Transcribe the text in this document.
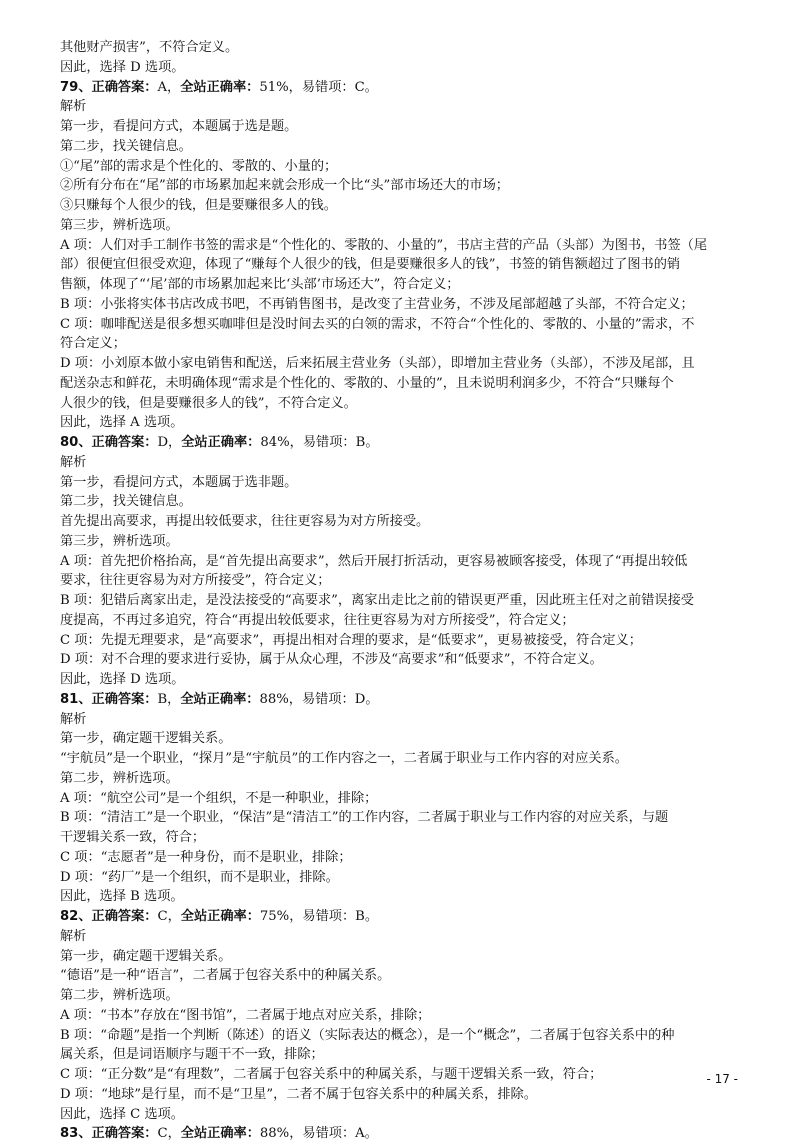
其他财产损害”，不符合定义。
因此，选择 D 选项。
79、正确答案：A，全站正确率：51%，易错项：C。
解析
第一步，看提问方式，本题属于选是题。
第二步，找关键信息。
①“尾”部的需求是个性化的、零散的、小量的；
②所有分布在“尾”部的市场累加起来就会形成一个比“头”部市场还大的市场；
③只赚每个人很少的钱，但是要赚很多人的钱。
第三步，辨析选项。
A 项：人们对手工制作书签的需求是“个性化的、零散的、小量的”，书店主营的产品（头部）为图书，书签（尾
部）很便宜但很受欢迎，体现了“赚每个人很少的钱，但是要赚很多人的钱”，书签的销售额超过了图书的销
售额，体现了“‘尾’部的市场累加起来比‘头部’市场还大”，符合定义；
B 项：小张将实体书店改成书吧，不再销售图书，是改变了主营业务，不涉及尾部超越了头部，不符合定义；
C 项：咖啡配送是很多想买咖啡但是没时间去买的白领的需求，不符合“个性化的、零散的、小量的”需求，不
符合定义；
D 项：小刘原本做小家电销售和配送，后来拓展主营业务（头部），即增加主营业务（头部），不涉及尾部，且
配送杂志和鲜花，未明确体现“需求是个性化的、零散的、小量的”，且未说明利润多少，不符合“只赚每个
人很少的钱，但是要赚很多人的钱”，不符合定义。
因此，选择 A 选项。
80、正确答案：D，全站正确率：84%，易错项：B。
解析
第一步，看提问方式，本题属于选非题。
第二步，找关键信息。
首先提出高要求，再提出较低要求，往往更容易为对方所接受。
第三步，辨析选项。
A 项：首先把价格抬高，是“首先提出高要求”，然后开展打折活动，更容易被顾客接受，体现了“再提出较低
要求，往往更容易为对方所接受”，符合定义；
B 项：犯错后离家出走，是没法接受的“高要求”，离家出走比之前的错误更严重，因此班主任对之前错误接受
度提高，不再过多追究，符合“再提出较低要求，往往更容易为对方所接受”，符合定义；
C 项：先提无理要求，是“高要求”，再提出相对合理的要求，是“低要求”，更易被接受，符合定义；
D 项：对不合理的要求进行妥协，属于从众心理，不涉及“高要求”和“低要求”，不符合定义。
因此，选择 D 选项。
81、正确答案：B，全站正确率：88%，易错项：D。
解析
第一步，确定题干逻辑关系。
“宇航员”是一个职业，“探月”是“宇航员”的工作内容之一，二者属于职业与工作内容的对应关系。
第二步，辨析选项。
A 项：“航空公司”是一个组织，不是一种职业，排除；
B 项：“清洁工”是一个职业，“保洁”是“清洁工”的工作内容，二者属于职业与工作内容的对应关系，与题
干逻辑关系一致，符合；
C 项：“志愿者”是一种身份，而不是职业，排除；
D 项：“药厂”是一个组织，而不是职业，排除。
因此，选择 B 选项。
82、正确答案：C，全站正确率：75%，易错项：B。
解析
第一步，确定题干逻辑关系。
“德语”是一种“语言”，二者属于包容关系中的种属关系。
第二步，辨析选项。
A 项：“书本”存放在“图书馆”，二者属于地点对应关系，排除；
B 项：“命题”是指一个判断（陈述）的语义（实际表达的概念），是一个“概念”，二者属于包容关系中的种
属关系，但是词语顺序与题干不一致，排除；
C 项：“正分数”是“有理数”，二者属于包容关系中的种属关系，与题干逻辑关系一致，符合；
D 项：“地球”是行星，而不是“卫星”，二者不属于包容关系中的种属关系，排除。
因此，选择 C 选项。
83、正确答案：C，全站正确率：88%，易错项：A。
- 17 -
